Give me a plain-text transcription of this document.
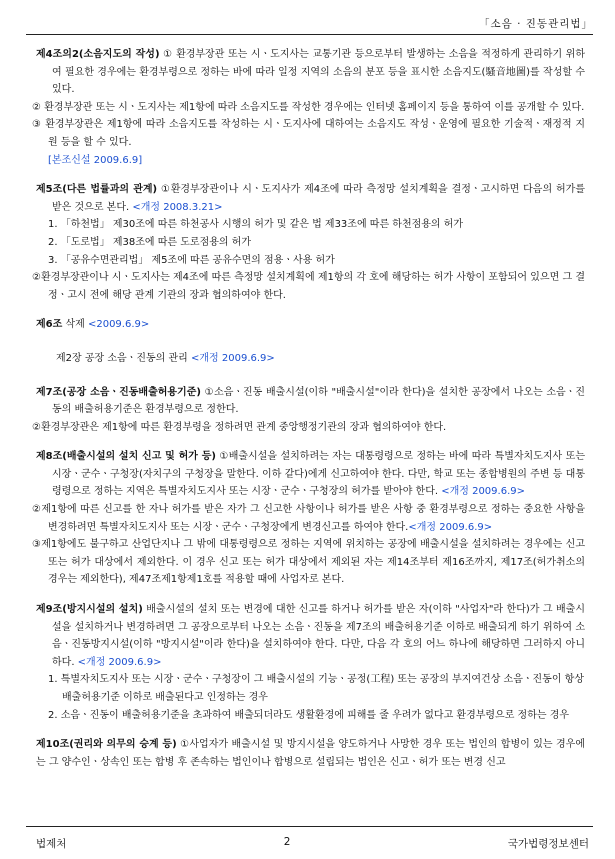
「소음 · 진동관리법」

제4조의2(소음지도의 작성) ① 환경부장관 또는 시ㆍ도지사는 교통기관 등으로부터 발생하는 소음을 적정하게 관리하기 위하여 필요한 경우에는 환경부령으로 정하는 바에 따라 일정 지역의 소음의 분포 등을 표시한 소음지도(騷音地圖)를 작성할 수 있다.

② 환경부장관 또는 시ㆍ도지사는 제1항에 따라 소음지도를 작성한 경우에는 인터넷 홈페이지 등을 통하여 이를 공개할 수 있다.

③ 환경부장관은 제1항에 따라 소음지도를 작성하는 시ㆍ도지사에 대하여는 소음지도 작성ㆍ운영에 필요한 기술적ㆍ재정적 지원 등을 할 수 있다.

[본조신설 2009.6.9]

제5조(다른 법률과의 관계) ①환경부장관이나 시ㆍ도지사가 제4조에 따라 측정망 설치계획을 결정ㆍ고시하면 다음의 허가를 받은 것으로 본다. <개정 2008.3.21>

1. 「하천법」 제30조에 따른 하천공사 시행의 허가 및 같은 법 제33조에 따른 하천점용의 허가

2. 「도로법」 제38조에 따른 도로점용의 허가

3. 「공유수면관리법」 제5조에 따른 공유수면의 점용ㆍ사용 허가

②환경부장관이나 시ㆍ도지사는 제4조에 따른 측정망 설치계획에 제1항의 각 호에 해당하는 허가 사항이 포함되어 있으면 그 결정ㆍ고시 전에 해당 관계 기관의 장과 협의하여야 한다.

제6조 삭제 <2009.6.9>

제2장 공장 소음ㆍ진동의 관리 <개정 2009.6.9>

제7조(공장 소음ㆍ진동배출허용기준) ①소음ㆍ진동 배출시설(이하 "배출시설"이라 한다)을 설치한 공장에서 나오는 소음ㆍ진동의 배출허용기준은 환경부령으로 정한다.

②환경부장관은 제1항에 따른 환경부령을 정하려면 관계 중앙행정기관의 장과 협의하여야 한다.

제8조(배출시설의 설치 신고 및 허가 등) ①배출시설을 설치하려는 자는 대통령령으로 정하는 바에 따라 특별자치도지사 또는 시장ㆍ군수ㆍ구청장(자치구의 구청장을 말한다. 이하 같다)에게 신고하여야 한다. 다만, 학교 또는 종합병원의 주변 등 대통령령으로 정하는 지역은 특별자치도지사 또는 시장ㆍ군수ㆍ구청장의 허가를 받아야 한다. <개정 2009.6.9>

②제1항에 따른 신고를 한 자나 허가를 받은 자가 그 신고한 사항이나 허가를 받은 사항 중 환경부령으로 정하는 중요한 사항을 변경하려면 특별자치도지사 또는 시장ㆍ군수ㆍ구청장에게 변경신고를 하여야 한다.<개정 2009.6.9>

③제1항에도 불구하고 산업단지나 그 밖에 대통령령으로 정하는 지역에 위치하는 공장에 배출시설을 설치하려는 경우에는 신고 또는 허가 대상에서 제외한다. 이 경우 신고 또는 허가 대상에서 제외된 자는 제14조부터 제16조까지, 제17조(허가취소의 경우는 제외한다), 제47조제1항제1호를 적용할 때에 사업자로 본다.

제9조(방지시설의 설치) 배출시설의 설치 또는 변경에 대한 신고를 하거나 허가를 받은 자(이하 "사업자"라 한다)가 그 배출시설을 설치하거나 변경하려면 그 공장으로부터 나오는 소음ㆍ진동을 제7조의 배출허용기준 이하로 배출되게 하기 위하여 소음ㆍ진동방지시설(이하 "방지시설"이라 한다)을 설치하여야 한다. 다만, 다음 각 호의 어느 하나에 해당하면 그러하지 아니하다. <개정 2009.6.9>

1. 특별자치도지사 또는 시장ㆍ군수ㆍ구청장이 그 배출시설의 기능ㆍ공정(工程) 또는 공장의 부지여건상 소음ㆍ진동이 항상 배출허용기준 이하로 배출된다고 인정하는 경우

2. 소음ㆍ진동이 배출허용기준을 초과하여 배출되더라도 생활환경에 피해를 줄 우려가 없다고 환경부령으로 정하는 경우

제10조(권리와 의무의 승계 등) ①사업자가 배출시설 및 방지시설을 양도하거나 사망한 경우 또는 법인의 합병이 있는 경우에는 그 양수인ㆍ상속인 또는 합병 후 존속하는 법인이나 합병으로 설립되는 법인은 신고ㆍ허가 또는 변경 신고

법제처	2	국가법령정보센터
